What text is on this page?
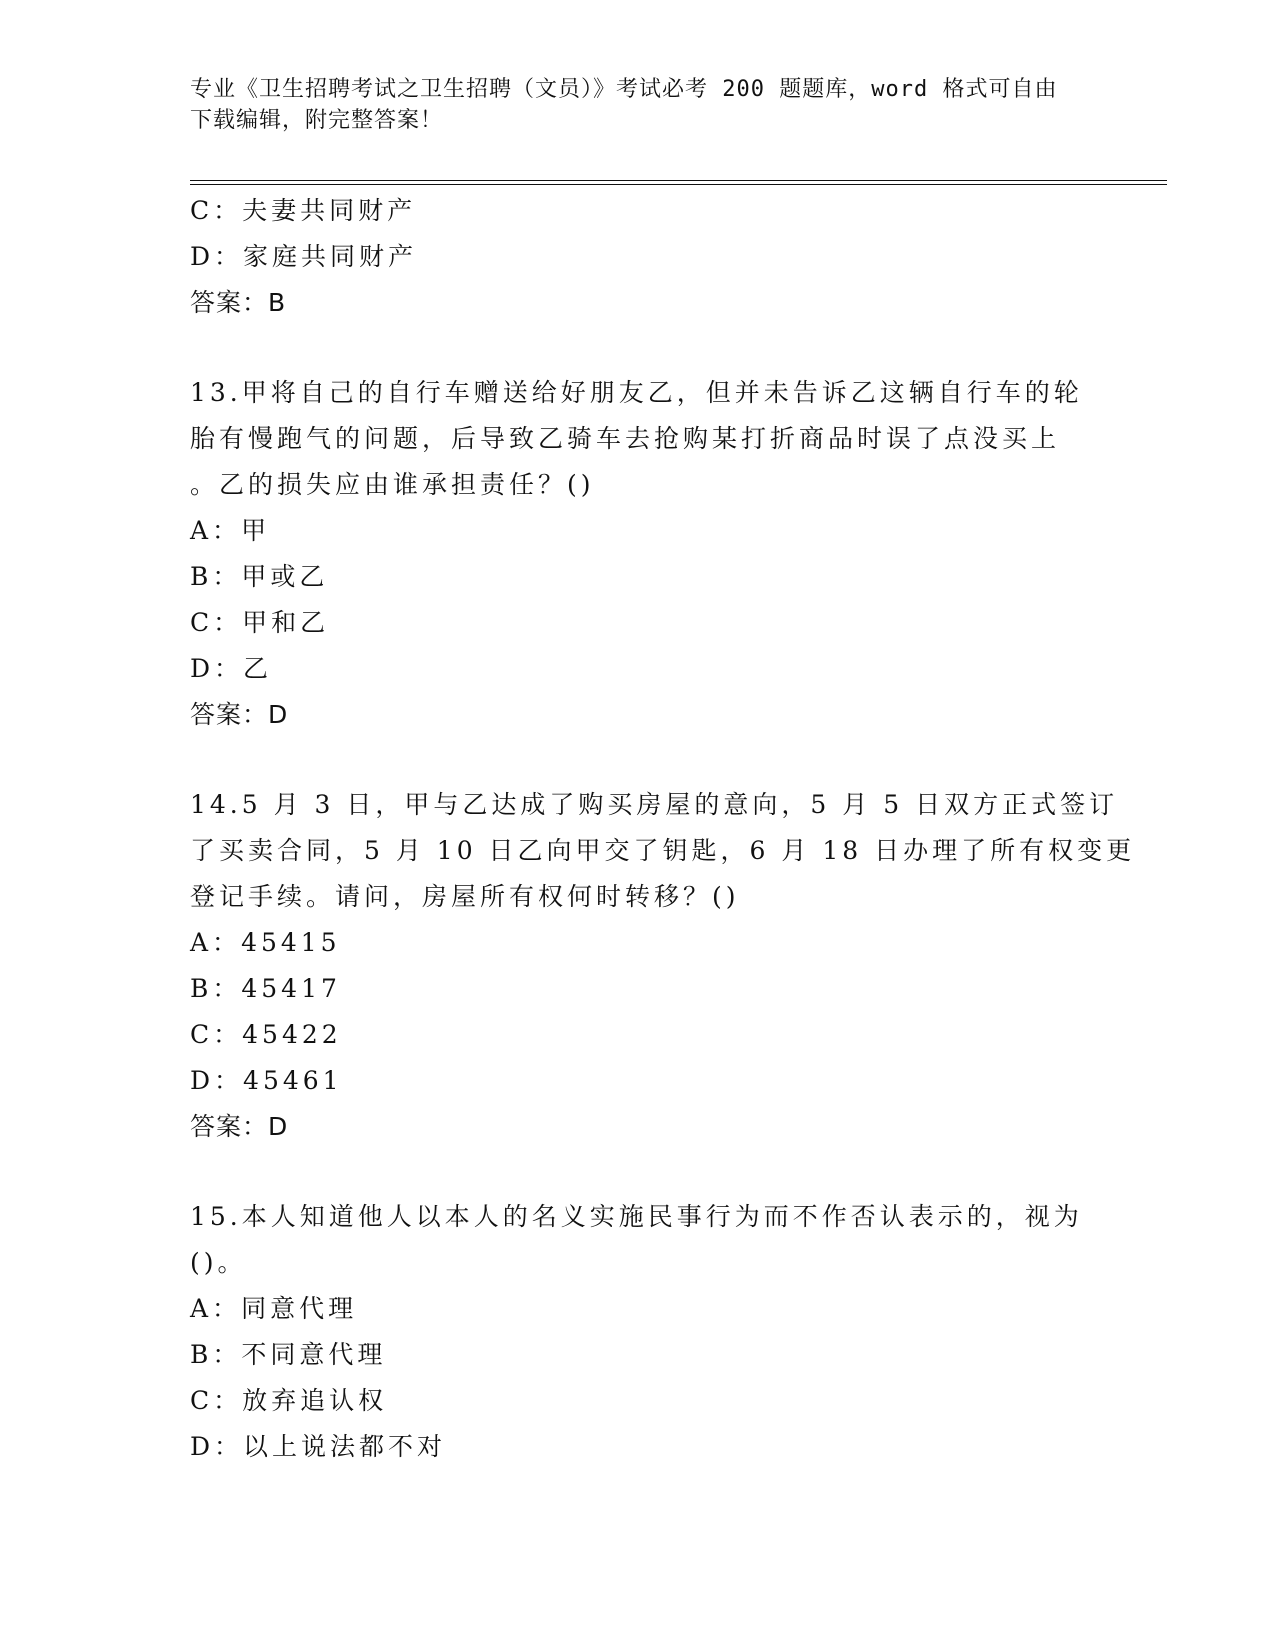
专业《卫生招聘考试之卫生招聘（文员）》考试必考 200 题题库，word 格式可自由下载编辑，附完整答案！
C：夫妻共同财产
D：家庭共同财产
答案：B
13.甲将自己的自行车赠送给好朋友乙，但并未告诉乙这辆自行车的轮
胎有慢跑气的问题，后导致乙骑车去抢购某打折商品时误了点没买上
。乙的损失应由谁承担责任？()
A：甲
B：甲或乙
C：甲和乙
D：乙
答案：D
14.5 月 3 日，甲与乙达成了购买房屋的意向，5 月 5 日双方正式签订
了买卖合同，5 月 10 日乙向甲交了钥匙，6 月 18 日办理了所有权变更
登记手续。请问，房屋所有权何时转移？()
A：45415
B：45417
C：45422
D：45461
答案：D
15.本人知道他人以本人的名义实施民事行为而不作否认表示的，视为
()。
A：同意代理
B：不同意代理
C：放弃追认权
D：以上说法都不对
